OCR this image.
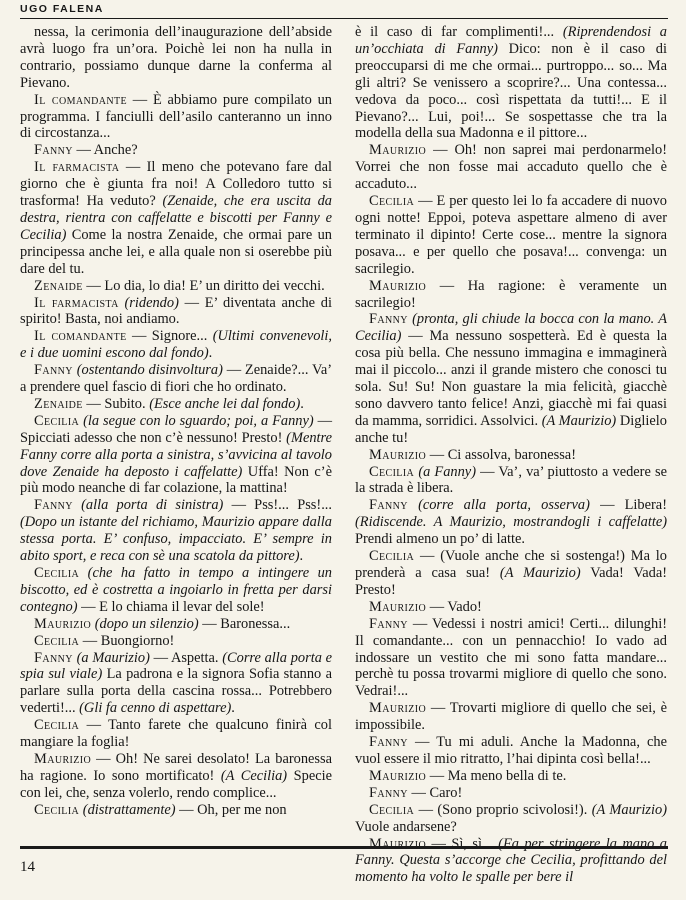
UGO FALENA

nessa, la cerimonia dell’inaugurazione dell’abside avrà luogo fra un’ora. Poichè lei non ha nulla in contrario, possiamo dunque darne la conferma al Pievano.

Il comandante — È abbiamo pure compilato un programma. I fanciulli dell’asilo canteranno un inno di circostanza...

Fanny — Anche?

Il farmacista — Il meno che potevano fare dal giorno che è giunta fra noi! A Colledoro tutto si trasforma! Ha veduto? (Zenaide, che era uscita da destra, rientra con caffelatte e biscotti per Fanny e Cecilia) Come la nostra Zenaide, che ormai pare un principessa anche lei, e alla quale non si oserebbe più dare del tu.

Zenaide — Lo dia, lo dia! E’ un diritto dei vecchi.

Il farmacista (ridendo) — E’ diventata anche di spirito! Basta, noi andiamo.

Il comandante — Signore... (Ultimi convenevoli, e i due uomini escono dal fondo).

Fanny (ostentando disinvoltura) — Zenaide?... Va’ a prendere quel fascio di fiori che ho ordinato.

Zenaide — Subito. (Esce anche lei dal fondo).

Cecilia (la segue con lo sguardo; poi, a Fanny) — Spicciati adesso che non c’è nessuno! Presto! (Mentre Fanny corre alla porta a sinistra, s’avvicina al tavolo dove Zenaide ha deposto i caffelatte) Uffa! Non c’è più modo neanche di far colazione, la mattina!

Fanny (alla porta di sinistra) — Pss!... Pss!... (Dopo un istante del richiamo, Maurizio appare dalla stessa porta. E’ confuso, impacciato. E’ sempre in abito sport, e reca con sè una scatola da pittore).

Cecilia (che ha fatto in tempo a intingere un biscotto, ed è costretta a ingoiarlo in fretta per darsi contegno) — E lo chiama il levar del sole!

Maurizio (dopo un silenzio) — Baronessa...

Cecilia — Buongiorno!

Fanny (a Maurizio) — Aspetta. (Corre alla porta e spia sul viale) La padrona e la signora Sofia stanno a parlare sulla porta della cascina rossa... Potrebbero vederti!... (Gli fa cenno di aspettare).

Cecilia — Tanto farete che qualcuno finirà col mangiare la foglia!

Maurizio — Oh! Ne sarei desolato! La baronessa ha ragione. Io sono mortificato! (A Cecilia) Specie con lei, che, senza volerlo, rendo complice...

Cecilia (distrattamente) — Oh, per me non

è il caso di far complimenti!... (Riprendendosi a un’occhiata di Fanny) Dico: non è il caso di preoccuparsi di me che ormai... purtroppo... so... Ma gli altri? Se venissero a scoprire?... Una contessa... vedova da poco... così rispettata da tutti!... E il Pievano?... Lui, poi!... Se sospettasse che tra la modella della sua Madonna e il pittore...

Maurizio — Oh! non saprei mai perdonarmelo! Vorrei che non fosse mai accaduto quello che è accaduto...

Cecilia — E per questo lei lo fa accadere di nuovo ogni notte! Eppoi, poteva aspettare almeno di aver terminato il dipinto! Certe cose... mentre la signora posava... e per quello che posava!... convenga: un sacrilegio.

Maurizio — Ha ragione: è veramente un sacrilegio!

Fanny (pronta, gli chiude la bocca con la mano. A Cecilia) — Ma nessuno sospetterà. Ed è questa la cosa più bella. Che nessuno immagina e immaginerà mai il piccolo... anzi il grande mistero che conosci tu sola. Su! Su! Non guastare la mia felicità, giacchè sono davvero tanto felice! Anzi, giacchè mi fai quasi da mamma, sorridici. Assolvici. (A Maurizio) Diglielo anche tu!

Maurizio — Ci assolva, baronessa!

Cecilia (a Fanny) — Va’, va’ piuttosto a vedere se la strada è libera.

Fanny (corre alla porta, osserva) — Libera! (Ridiscende. A Maurizio, mostrandogli i caffelatte) Prendi almeno un po’ di latte.

Cecilia — (Vuole anche che si sostenga!) Ma lo prenderà a casa sua! (A Maurizio) Vada! Vada! Presto!

Maurizio — Vado!

Fanny — Vedessi i nostri amici! Certi... dilunghi! Il comandante... con un pennacchio! Io vado ad indossare un vestito che mi sono fatta mandare... perchè tu possa trovarmi migliore di quello che sono. Vedrai!...

Maurizio — Trovarti migliore di quello che sei, è impossibile.

Fanny — Tu mi aduli. Anche la Madonna, che vuol essere il mio ritratto, l’hai dipinta così bella!...

Maurizio — Ma meno bella di te.

Fanny — Caro!

Cecilia — (Sono proprio scivolosi!). (A Maurizio) Vuole andarsene?

Maurizio — Sì, sì... (Fa per stringere la mano a Fanny. Questa s’accorge che Cecilia, profittando del momento ha volto le spalle per bere il

14
